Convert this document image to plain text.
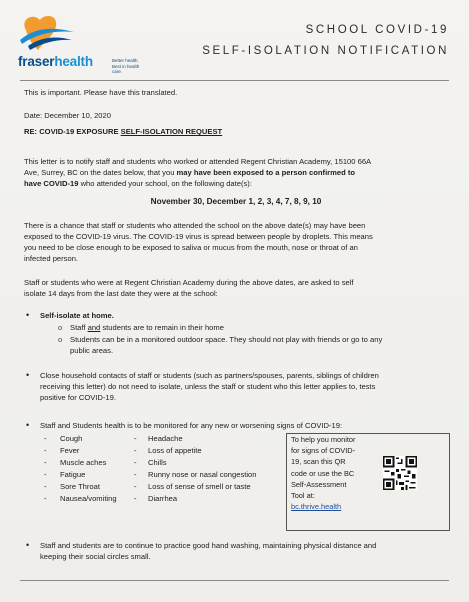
fraserhealth	Better health.
Best in health care.
SCHOOL COVID-19
SELF-ISOLATION NOTIFICATION
This is important. Please have this translated.
Date: December 10, 2020
RE: COVID-19 EXPOSURE SELF-ISOLATION REQUEST
This letter is to notify staff and students who worked or attended Regent Christian Academy, 15100 66A
Ave, Surrey, BC on the dates below, that you may have been exposed to a person confirmed to
have COVID-19 who attended your school, on the following date(s):
November 30, December 1, 2, 3, 4, 7, 8, 9, 10
There is a chance that staff or students who attended the school on the above date(s) may have been
exposed to the COVID-19 virus. The COVID-19 virus is spread between people by droplets. This means
you need to be close enough to be exposed to saliva or mucus from the mouth, nose or throat of an
infected person.
Staff or students who were at Regent Christian Academy during the above dates, are asked to self
isolate 14 days from the last date they were at the school:
• Self-isolate at home.
o Staff and students are to remain in their home
o Students can be in a monitored outdoor space. They should not play with friends or go to any
public areas.
• Close household contacts of staff or students (such as partners/spouses, parents, siblings of children
receiving this letter) do not need to isolate, unless the staff or student who this letter applies to, tests
positive for COVID-19.
• Staff and Students health is to be monitored for any new or worsening signs of COVID-19:
- Cough	- Headache
- Fever	- Loss of appetite
- Muscle aches	- Chills
- Fatigue	- Runny nose or nasal congestion
- Sore Throat	- Loss of sense of smell or taste
- Nausea/vomiting - Diarrhea
To help you monitor
for signs of COVID-
19, scan this QR
code or use the BC
Self-Assessment
Tool at:
bc.thrive.health
• Staff and students are to continue to practice good hand washing, maintaining physical distance and
keeping their social circles small.
